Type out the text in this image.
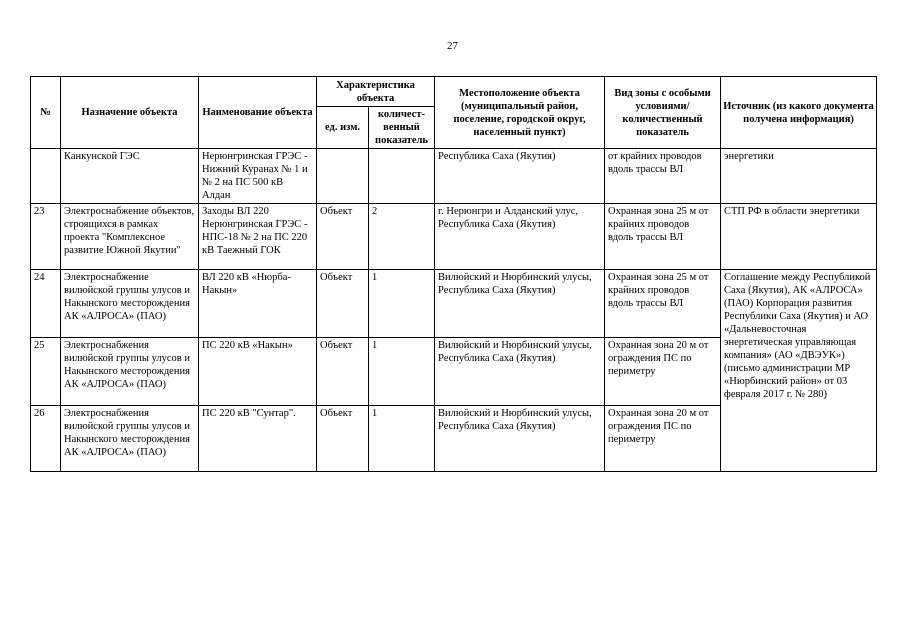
27
№	Назначение объекта	Наименование объекта	Характеристика объекта		Местоположение объекта (муниципальный район, поселение, городской округ, населенный пункт)	Вид зоны с особыми условиями/ количественный показатель	Источник (из какого документа получена информация)
			ед. изм.	количест- венный показатель			
	Канкунской ГЭС	Нерюнгринская ГРЭС - Нижний Куранах № 1 и № 2 на ПС 500 кВ Алдан			Республика Саха (Якутия)	от крайних проводов вдоль трассы ВЛ	энергетики
23	Электроснабжение объектов, строящихся в рамках проекта "Комплексное развитие Южной Якутии"	Заходы ВЛ 220 Нерюнгринская ГРЭС - НПС-18 № 2 на ПС 220 кВ Таежный ГОК	Объект	2	г. Нерюнгри и Алданский улус, Республика Саха (Якутия)	Охранная зона 25 м от крайних проводов вдоль трассы ВЛ	СТП РФ в области энергетики
24	Электроснабжение вилюйской группы улусов и Накынского месторождения АК «АЛРОСА» (ПАО)	ВЛ 220 кВ «Нюрба- Накын»	Объект	1	Вилюйский и Нюрбинский улусы, Республика Саха (Якутия)	Охранная зона 25 м от крайних проводов вдоль трассы ВЛ	Соглашение между Республикой Саха (Якутия), АК «АЛРОСА» (ПАО) Корпорация развития Республики Саха (Якутия) и АО «Дальневосточная энергетическая управляющая компания» (АО «ДВЭУК») (письмо администрации МР «Нюрбинский район» от 03 февраля 2017 г. № 280)
25	Электроснабжения вилюйской группы улусов и Накынского месторождения АК «АЛРОСА» (ПАО)	ПС 220 кВ «Накын»	Объект	1	Вилюйский и Нюрбинский улусы, Республика Саха (Якутия)	Охранная зона 20 м от ограждения ПС по периметру	
26	Электроснабжения вилюйской группы улусов и Накынского месторождения АК «АЛРОСА» (ПАО)	ПС 220 кВ "Сунтар".	Объект	1	Вилюйский и Нюрбинский улусы, Республика Саха (Якутия)	Охранная зона 20 м от ограждения ПС по периметру	
